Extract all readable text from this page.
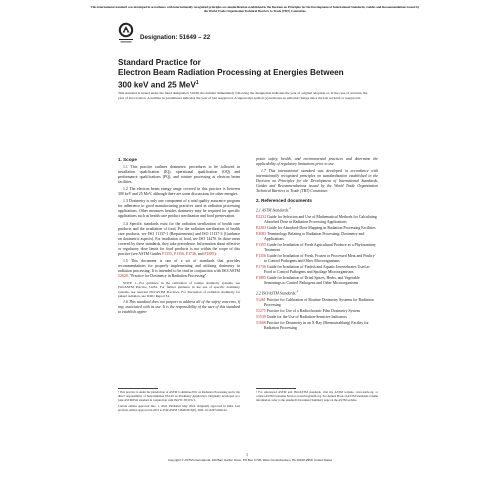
This international standard was developed in accordance with internationally recognized principles on standardization established in the Decision on Principles for the Development of International Standards, Guides and Recommendations issued by the World Trade Organization Technical Barriers to Trade (TBT) Committee.
Designation: 51649 – 22
Standard Practice for
Electron Beam Radiation Processing at Energies Between
300 keV and 25 MeV$^1$
This standard is issued under the fixed designation 51649; the number immediately following the designation indicates the year of original adoption or, in the case of revision, the year of last revision. A number in parentheses indicates the year of last reapproval. A superscript epsilon (ε) indicates an editorial change since the last revision or reapproval.
1. Scope

1.1 This practice outlines dosimetric procedures to be followed in installation qualification (IQ), operational qualification (OQ) and performance qualifications (PQ), and routine processing at electron beam facilities.

1.2 The electron beam energy range covered in this practice is between 300 keV and 25 MeV, although there are some discussions for other energies.

1.3 Dosimetry is only one component of a total quality assurance program for adherence to good manufacturing practices used in radiation processing applications. Other measures besides dosimetry may be required for specific applications such as health care product sterilization and food preservation.

1.4 Specific standards exist for the radiation sterilization of health care products and the irradiation of food. For the radiation sterilization of health care products, see ISO 11137-1 (Requirements) and ISO 11137-3 (Guidance on dosimetric aspects). For irradiation of food, see ISO 14470. In those areas covered by these standards, they take precedence. Information about effective or regulatory dose limits for food products is not within the scope of this practice (see ASTM Guides F1355, F1356, F1736, and F1885).

1.5 This document is one of a set of standards that provides recommendations for properly implementing and utilizing dosimetry in radiation processing. It is intended to be read in conjunction with ISO/ASTM 52628, "Practice for Dosimetry in Radiation Processing".

NOTE 1—For guidance in the calibration of routine dosimetry systems, see ISO/ASTM Practice 51261. For further guidance in the use of specific dosimetry systems, see relevant ISO/ASTM Practices. For discussion of radiation dosimetry for pulsed radiation, see ICRU Report 34.

1.6 This standard does not purport to address all of the safety concerns, if any, associated with its use. It is the responsibility of the user of this standard to establish appro-

priate safety, health, and environmental practices and determine the applicability of regulatory limitations prior to use.

1.7 This international standard was developed in accordance with internationally recognized principles on standardization established in the Decision on Principles for the Development of International Standards, Guides and Recommendations issued by the World Trade Organization Technical Barriers to Trade (TBT) Committee.

2. Referenced documents
2.1 ASTM Standards:$^2$
E2232 Guide for Selection and Use of Mathematical Methods for Calculating Absorbed Dose in Radiation Processing Applications
E2303 Guide for Absorbed-Dose Mapping in Radiation Processing Facilities
E3083 Terminology Relating to Radiation Processing: Dosimetry and Applications
F1355 Guide for Irradiation of Fresh Agricultural Produce as a Phytosanitary Treatment
F1356 Guide for Irradiation of Fresh, Frozen or Processed Meat and Poultry to Control Pathogens and Other Microorganisms
F1736 Guide for Irradiation of Finfish and Aquatic Invertebrates Used as Food to Control Pathogens and Spoilage Microorganisms
F1885 Guide for Irradiation of Dried Spices, Herbs, and Vegetable Seasonings to Control Pathogens and Other Microorganisms
2.2 ISO/ASTM Standards:$^2$
51261 Practice for Calibration of Routine Dosimetry Systems for Radiation Processing
51275 Practice for Use of a Radiochromic Film Dosimetry System
51539 Guide for the Use of Radiation-Sensitive Indicators
51608 Practice for Dosimetry in an X-Ray (Bremsstrahlung) Facility for Radiation Processing
¹ This practice is under the jurisdiction of ASTM Committee E61 on Radiation Processing and is the direct responsibility of Subcommittee E61.03 on Dosimetry Application. Originally developed as a joint ASTM/ISO standard in conjunction with ISO/TC 85/WG 3.
Current edition approved Dec. 1, 2022. Published May 2024. Originally approved in 1994. Last previous edition approved in 2015 as ISO/ASTM 51649:2015(E). DOI: 10.1520/51649-22.
² For referenced ASTM and ISO/ASTM standards, visit the ASTM website, www.astm.org, or contact ASTM Customer Service at service@astm.org. For Annual Book of ASTM Standards volume information, refer to the standard's Document Summary page on the ASTM website.
1
Copyright © ASTM International, 100 Barr Harbor Drive, PO Box C700, West Conshohocken, PA 19428-2959. United States
